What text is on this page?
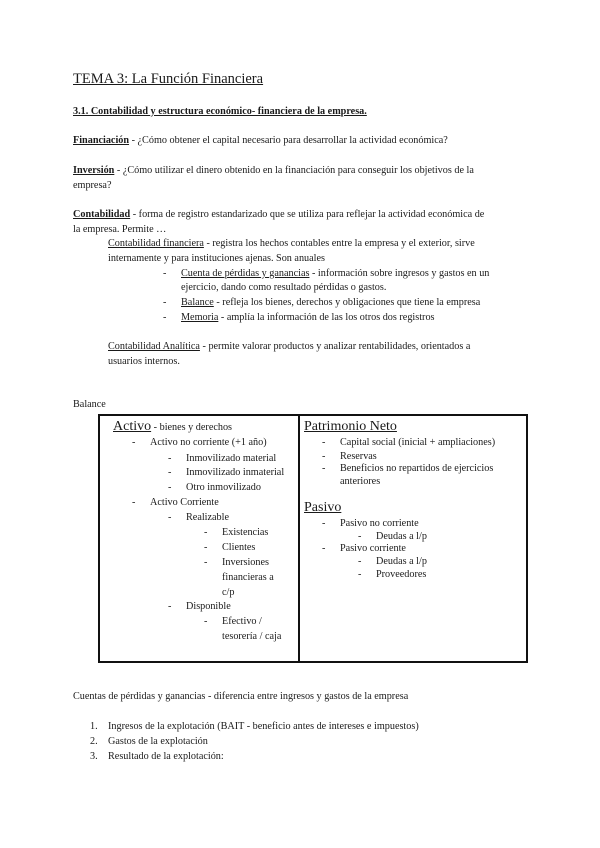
TEMA 3: La Función Financiera
3.1. Contabilidad y estructura económico- financiera de la empresa.
Financiación - ¿Cómo obtener el capital necesario para desarrollar la actividad económica?
Inversión - ¿Cómo utilizar el dinero obtenido en la financiación para conseguir los objetivos de la
empresa?
Contabilidad - forma de registro estandarizado que se utiliza para reflejar la actividad económica de
la empresa. Permite …
Contabilidad financiera - registra los hechos contables entre la empresa y el exterior, sirve
internamente y para instituciones ajenas. Son anuales
- Cuenta de pérdidas y ganancias - información sobre ingresos y gastos en un
ejercicio, dando como resultado pérdidas o gastos.
- Balance - refleja los bienes, derechos y obligaciones que tiene la empresa
- Memoria - amplía la información de las los otros dos registros
Contabilidad Analítica - permite valorar productos y analizar rentabilidades, orientados a
usuarios internos.
Balance
Activo - bienes y derechos
- Activo no corriente (+1 año)
- Inmovilizado material
- Inmovilizado inmaterial
- Otro inmovilizado
- Activo Corriente
- Realizable
- Existencias
- Clientes
- Inversiones
financieras a
c/p
- Disponible
- Efectivo /
tesorería / caja
Patrimonio Neto
- Capital social (inicial + ampliaciones)
- Reservas
- Beneficios no repartidos de ejercicios
anteriores
Pasivo
- Pasivo no corriente
- Deudas a l/p
- Pasivo corriente
- Deudas a l/p
- Proveedores
Cuentas de pérdidas y ganancias - diferencia entre ingresos y gastos de la empresa
1. Ingresos de la explotación (BAIT - beneficio antes de intereses e impuestos)
2. Gastos de la explotación
3. Resultado de la explotación:
